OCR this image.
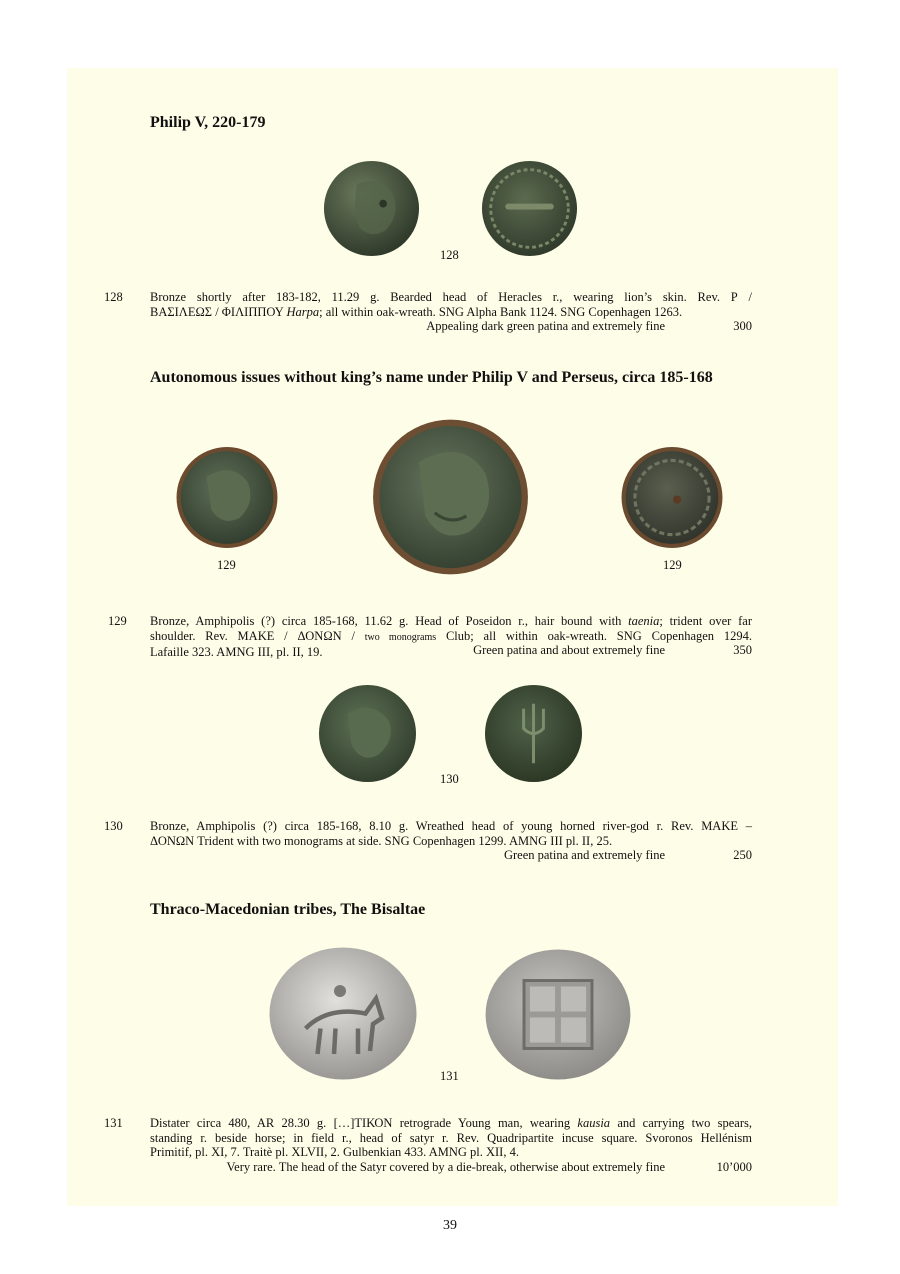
Philip V, 220-179
128
128 Bronze shortly after 183-182, 11.29 g. Bearded head of Heracles r., wearing lion’s skin. Rev. Ρ /
ΒΑΣΙΛΕΩΣ / ΦΙΛΙΠΠΟΥ Harpa; all within oak-wreath. SNG Alpha Bank 1124. SNG Copenhagen 1263.
Appealing dark green patina and extremely fine	300
Autonomous issues without king’s name under Philip V and Perseus, circa 185-168
129	129
129 Bronze, Amphipolis (?) circa 185-168, 11.62 g. Head of Poseidon r., hair bound with taenia; trident over far
shoulder. Rev. MAKE / ΔΟΝΩΝ / two monograms Club; all within oak-wreath. SNG Copenhagen 1294.
Lafaille 323. AMNG III, pl. II, 19.	Green patina and about extremely fine	350
130
130 Bronze, Amphipolis (?) circa 185-168, 8.10 g. Wreathed head of young horned river-god r. Rev. MAKE –
ΔΟΝΩΝ Trident with two monograms at side. SNG Copenhagen 1299. AMNG III pl. II, 25.
Green patina and extremely fine	250
Thraco-Macedonian tribes, The Bisaltae
131
131 Distater circa 480, AR 28.30 g. […]ΤΙΚΟΝ retrograde Young man, wearing kausia and carrying two spears,
standing r. beside horse; in field r., head of satyr r. Rev. Quadripartite incuse square. Svoronos Hellénism
Primitif, pl. XI, 7. Traitè pl. XLVII, 2. Gulbenkian 433. AMNG pl. XII, 4.
Very rare. The head of the Satyr covered by a die-break, otherwise about extremely fine	10’000
39
